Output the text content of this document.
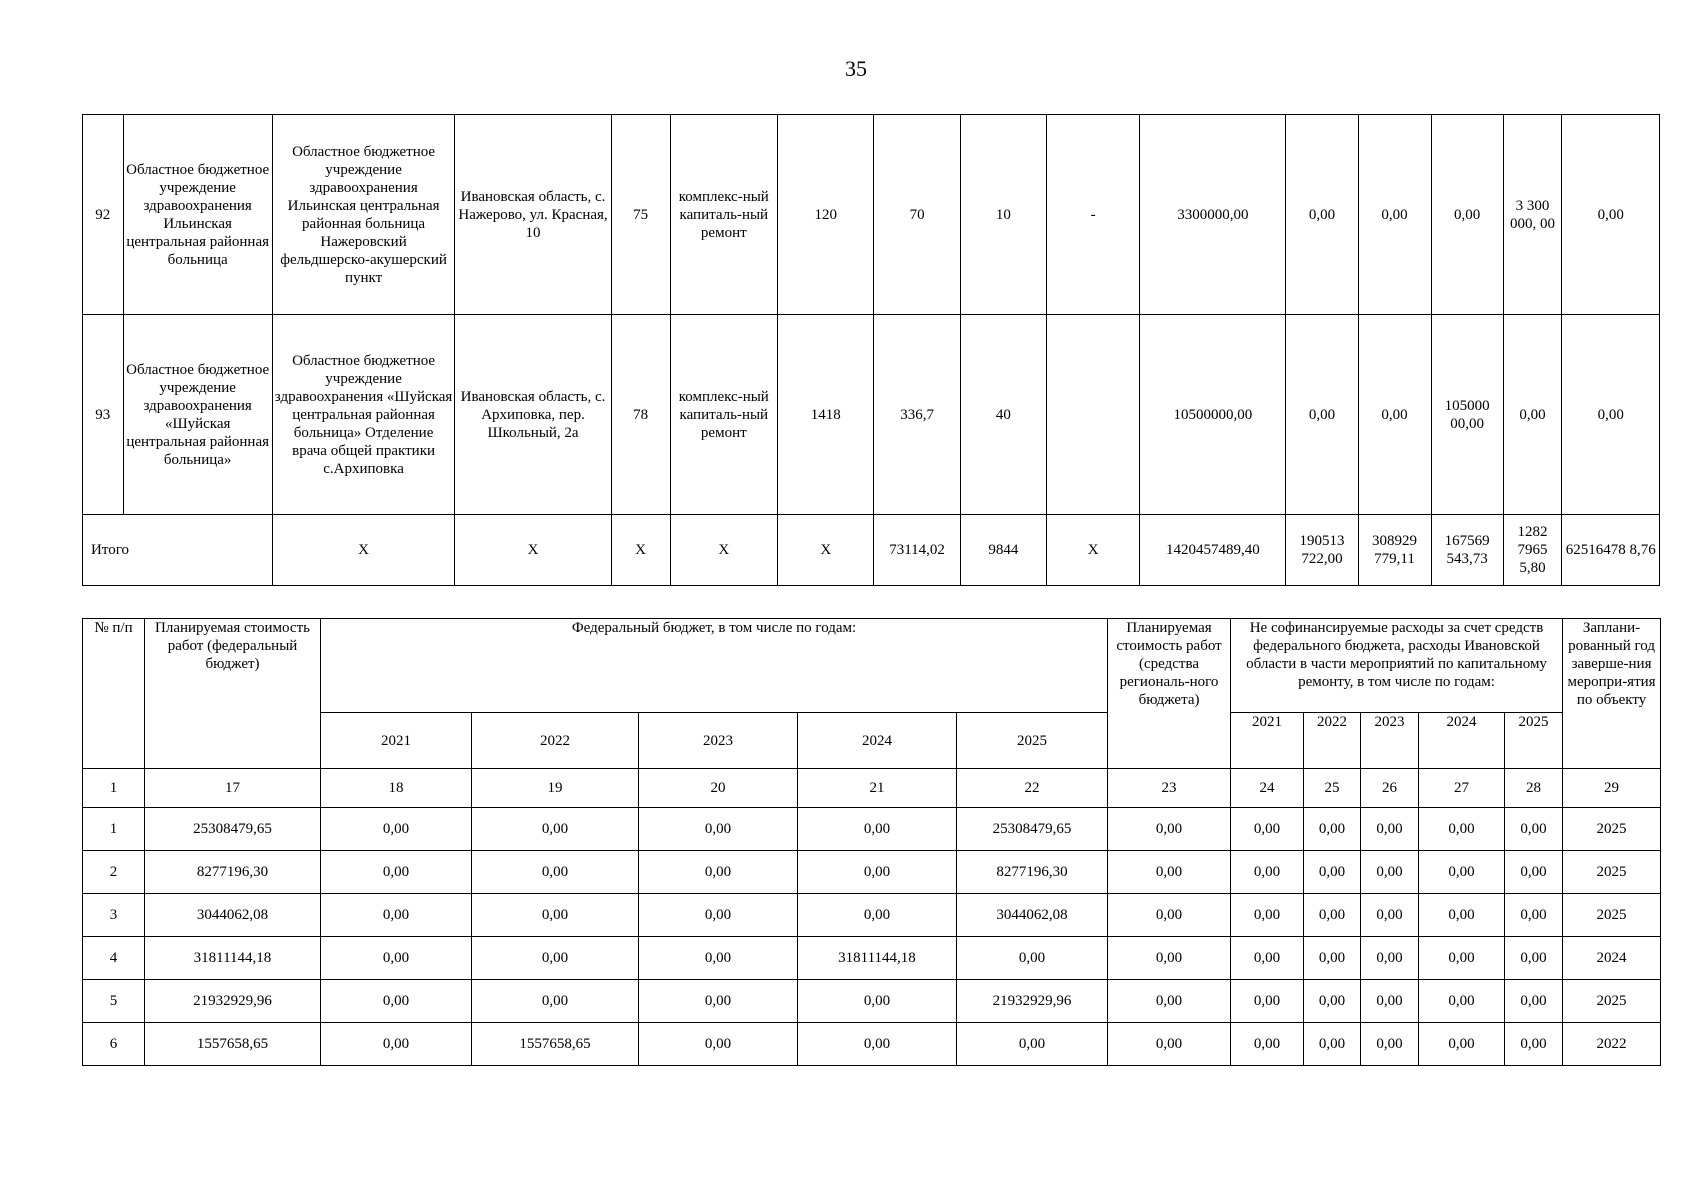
35
92	Областное бюджетное учреждение здравоохранения Ильинская центральная районная больница	Областное бюджетное учреждение здравоохранения Ильинская центральная районная больница Нажеровский фельдшерско-акушерский пункт	Ивановская область, с. Нажерово, ул. Красная, 10	75	комплекс-ный капиталь-ный ремонт	120	70	10	-	3300000,00	0,00	0,00	0,00	3 300 000, 00	0,00
93	Областное бюджетное учреждение здравоохранения «Шуйская центральная районная больница»	Областное бюджетное учреждение здравоохранения «Шуйская центральная районная больница» Отделение врача общей практики с.Архиповка	Ивановская область, с. Архиповка, пер. Школьный, 2а	78	комплекс-ный капиталь-ный ремонт	1418	336,7	40		10500000,00	0,00	0,00	105000 00,00	0,00	0,00
Итого		X	X	X	X	X	73114,02	9844	X	1420457489,40	190513 722,00	308929 779,11	167569 543,73	1282 7965 5,80	62516478 8,76
№ п/п	Планируемая стоимость работ (федеральный бюджет)	Федеральный бюджет, в том числе по годам:					Планируемая стоимость работ (средства региональ-ного бюджета)	Не софинансируемые расходы за счет средств федерального бюджета, расходы Ивановской области в части мероприятий по капитальному ремонту, в том числе по годам:					Заплани-рованный год заверше-ния меропри-ятия по объекту
		2021	2022	2023	2024	2025		2021	2022	2023	2024	2025	
1	17	18	19	20	21	22	23	24	25	26	27	28	29
1	25308479,65	0,00	0,00	0,00	0,00	25308479,65	0,00	0,00	0,00	0,00	0,00	0,00	2025
2	8277196,30	0,00	0,00	0,00	0,00	8277196,30	0,00	0,00	0,00	0,00	0,00	0,00	2025
3	3044062,08	0,00	0,00	0,00	0,00	3044062,08	0,00	0,00	0,00	0,00	0,00	0,00	2025
4	31811144,18	0,00	0,00	0,00	31811144,18	0,00	0,00	0,00	0,00	0,00	0,00	0,00	2024
5	21932929,96	0,00	0,00	0,00	0,00	21932929,96	0,00	0,00	0,00	0,00	0,00	0,00	2025
6	1557658,65	0,00	1557658,65	0,00	0,00	0,00	0,00	0,00	0,00	0,00	0,00	0,00	2022
